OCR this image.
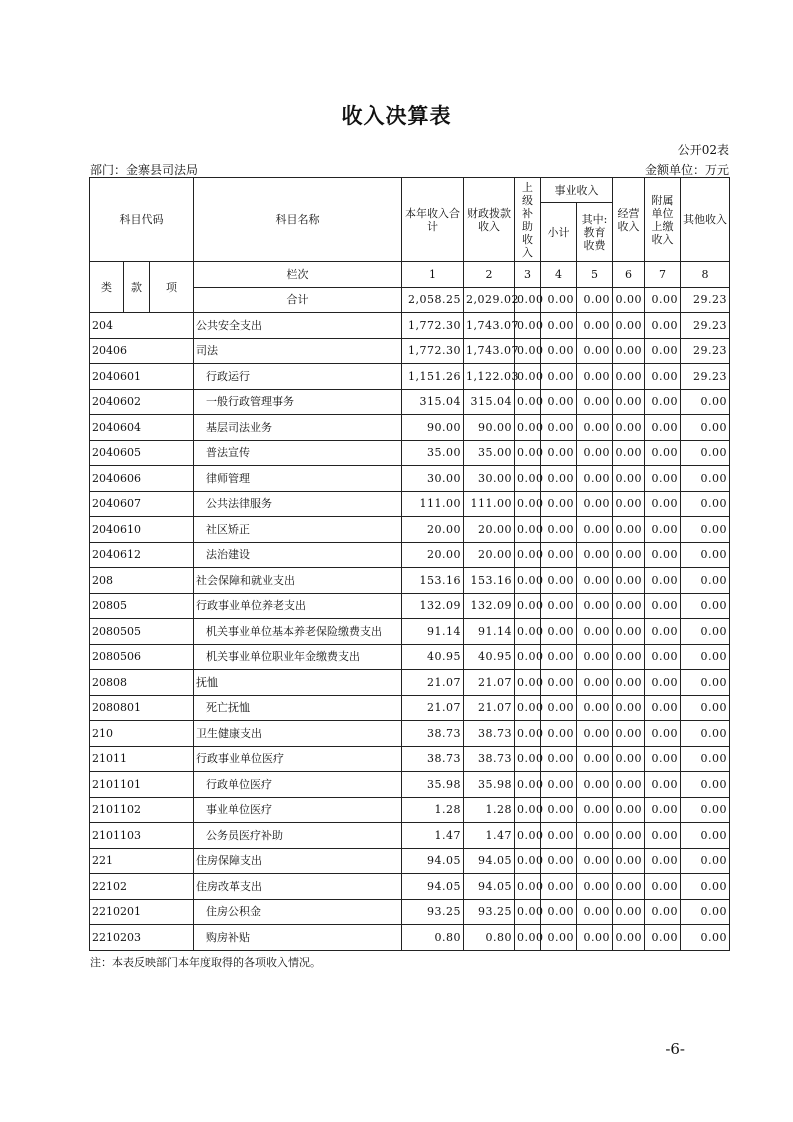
收入决算表
公开02表
部门：金寨县司法局	金额单位：万元
科目代码			科目名称	本年收入合计	财政拨款收入	上级补助收入	事业收入		经营收入	附属单位上缴收入	其他收入
							小计	其中:教育收费			
类	款	项	栏次	1	2	3	4	5	6	7	8
			合计	2,058.25	2,029.02	0.00	0.00	0.00	0.00	0.00	29.23
204			公共安全支出	1,772.30	1,743.07	0.00	0.00	0.00	0.00	0.00	29.23
20406			司法	1,772.30	1,743.07	0.00	0.00	0.00	0.00	0.00	29.23
2040601			行政运行	1,151.26	1,122.03	0.00	0.00	0.00	0.00	0.00	29.23
2040602			一般行政管理事务	315.04	315.04	0.00	0.00	0.00	0.00	0.00	0.00
2040604			基层司法业务	90.00	90.00	0.00	0.00	0.00	0.00	0.00	0.00
2040605			普法宣传	35.00	35.00	0.00	0.00	0.00	0.00	0.00	0.00
2040606			律师管理	30.00	30.00	0.00	0.00	0.00	0.00	0.00	0.00
2040607			公共法律服务	111.00	111.00	0.00	0.00	0.00	0.00	0.00	0.00
2040610			社区矫正	20.00	20.00	0.00	0.00	0.00	0.00	0.00	0.00
2040612			法治建设	20.00	20.00	0.00	0.00	0.00	0.00	0.00	0.00
208			社会保障和就业支出	153.16	153.16	0.00	0.00	0.00	0.00	0.00	0.00
20805			行政事业单位养老支出	132.09	132.09	0.00	0.00	0.00	0.00	0.00	0.00
2080505			机关事业单位基本养老保险缴费支出	91.14	91.14	0.00	0.00	0.00	0.00	0.00	0.00
2080506			机关事业单位职业年金缴费支出	40.95	40.95	0.00	0.00	0.00	0.00	0.00	0.00
20808			抚恤	21.07	21.07	0.00	0.00	0.00	0.00	0.00	0.00
2080801			死亡抚恤	21.07	21.07	0.00	0.00	0.00	0.00	0.00	0.00
210			卫生健康支出	38.73	38.73	0.00	0.00	0.00	0.00	0.00	0.00
21011			行政事业单位医疗	38.73	38.73	0.00	0.00	0.00	0.00	0.00	0.00
2101101			行政单位医疗	35.98	35.98	0.00	0.00	0.00	0.00	0.00	0.00
2101102			事业单位医疗	1.28	1.28	0.00	0.00	0.00	0.00	0.00	0.00
2101103			公务员医疗补助	1.47	1.47	0.00	0.00	0.00	0.00	0.00	0.00
221			住房保障支出	94.05	94.05	0.00	0.00	0.00	0.00	0.00	0.00
22102			住房改革支出	94.05	94.05	0.00	0.00	0.00	0.00	0.00	0.00
2210201			住房公积金	93.25	93.25	0.00	0.00	0.00	0.00	0.00	0.00
2210203			购房补贴	0.80	0.80	0.00	0.00	0.00	0.00	0.00	0.00
注：本表反映部门本年度取得的各项收入情况。
-6-
